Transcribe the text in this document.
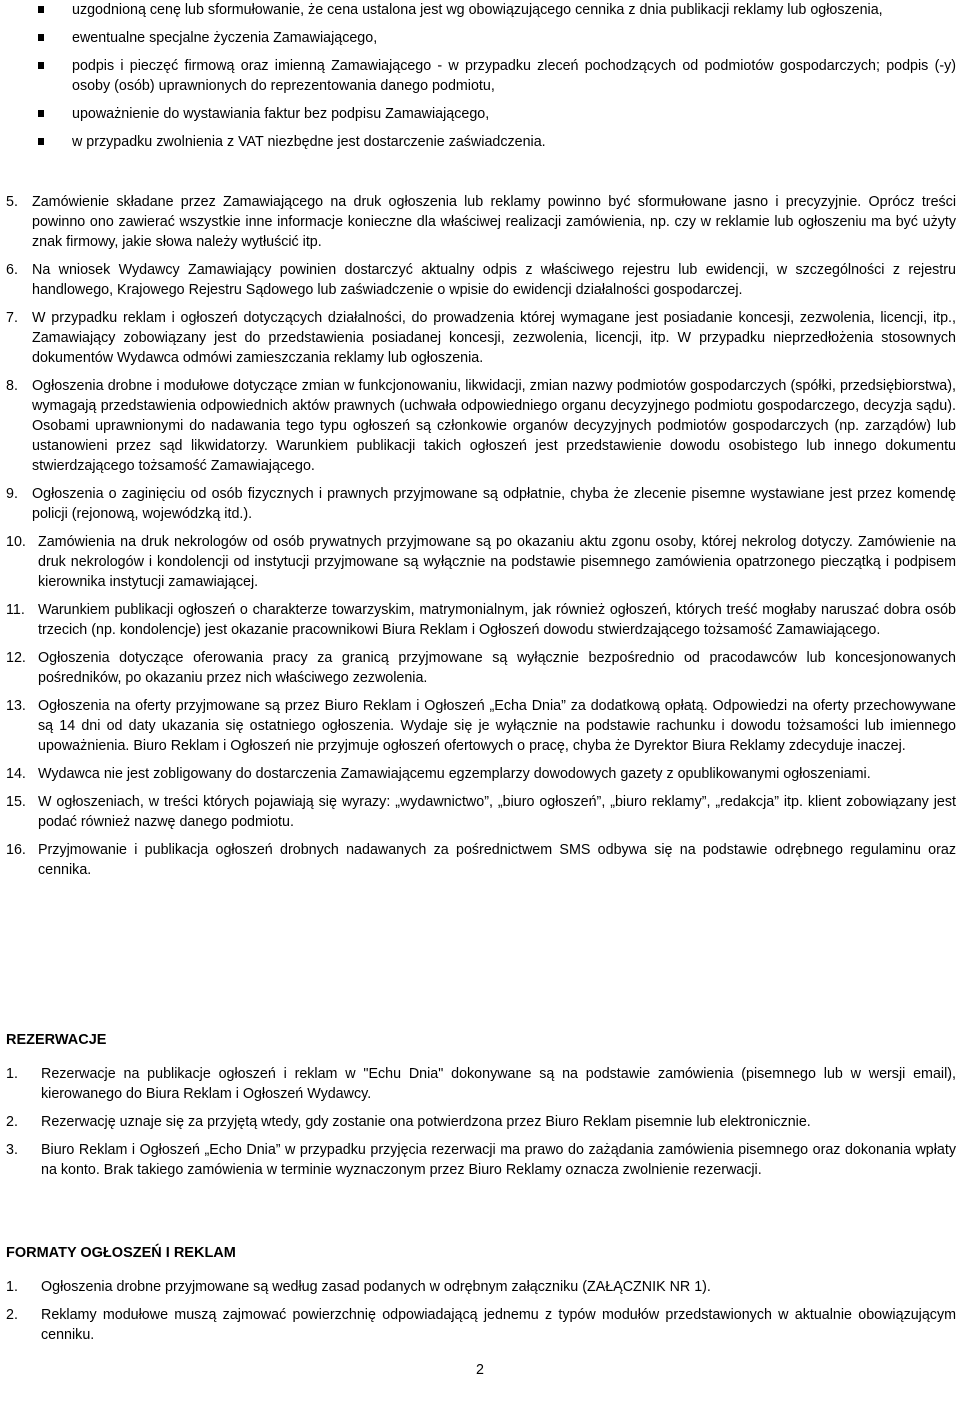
uzgodnioną cenę lub sformułowanie, że cena ustalona jest wg obowiązującego cennika z dnia publikacji reklamy lub ogłoszenia,
ewentualne specjalne życzenia Zamawiającego,
podpis i pieczęć firmową oraz imienną Zamawiającego - w przypadku zleceń pochodzących od podmiotów gospodarczych; podpis (-y) osoby (osób) uprawnionych do reprezentowania danego podmiotu,
upoważnienie do wystawiania faktur bez podpisu Zamawiającego,
w przypadku zwolnienia z VAT niezbędne jest dostarczenie zaświadczenia.
5. Zamówienie składane przez Zamawiającego na druk ogłoszenia lub reklamy powinno być sformułowane jasno i precyzyjnie. Oprócz treści powinno ono zawierać wszystkie inne informacje konieczne dla właściwej realizacji zamówienia, np. czy w reklamie lub ogłoszeniu ma być użyty znak firmowy, jakie słowa należy wytłuścić itp.
6. Na wniosek Wydawcy Zamawiający powinien dostarczyć aktualny odpis z właściwego rejestru lub ewidencji, w szczególności z rejestru handlowego, Krajowego Rejestru Sądowego lub zaświadczenie o wpisie do ewidencji działalności gospodarczej.
7. W przypadku reklam i ogłoszeń dotyczących działalności, do prowadzenia której wymagane jest posiadanie koncesji, zezwolenia, licencji, itp., Zamawiający zobowiązany jest do przedstawienia posiadanej koncesji, zezwolenia, licencji, itp. W przypadku nieprzedłożenia stosownych dokumentów Wydawca odmówi zamieszczania reklamy lub ogłoszenia.
8. Ogłoszenia drobne i modułowe dotyczące zmian w funkcjonowaniu, likwidacji, zmian nazwy podmiotów gospodarczych (spółki, przedsiębiorstwa), wymagają przedstawienia odpowiednich aktów prawnych (uchwała odpowiedniego organu decyzyjnego podmiotu gospodarczego, decyzja sądu). Osobami uprawnionymi do nadawania tego typu ogłoszeń są członkowie organów decyzyjnych podmiotów gospodarczych (np. zarządów) lub ustanowieni przez sąd likwidatorzy. Warunkiem publikacji takich ogłoszeń jest przedstawienie dowodu osobistego lub innego dokumentu stwierdzającego tożsamość Zamawiającego.
9. Ogłoszenia o zaginięciu od osób fizycznych i prawnych przyjmowane są odpłatnie, chyba że zlecenie pisemne wystawiane jest przez komendę policji (rejonową, wojewódzką itd.).
10. Zamówienia na druk nekrologów od osób prywatnych przyjmowane są po okazaniu aktu zgonu osoby, której nekrolog dotyczy. Zamówienie na druk nekrologów i kondolencji od instytucji przyjmowane są wyłącznie na podstawie pisemnego zamówienia opatrzonego pieczątką i podpisem kierownika instytucji zamawiającej.
11. Warunkiem publikacji ogłoszeń o charakterze towarzyskim, matrymonialnym, jak również ogłoszeń, których treść mogłaby naruszać dobra osób trzecich (np. kondolencje) jest okazanie pracownikowi Biura Reklam i Ogłoszeń dowodu stwierdzającego tożsamość Zamawiającego.
12. Ogłoszenia dotyczące oferowania pracy za granicą przyjmowane są wyłącznie bezpośrednio od pracodawców lub koncesjonowanych pośredników, po okazaniu przez nich właściwego zezwolenia.
13. Ogłoszenia na oferty przyjmowane są przez Biuro Reklam i Ogłoszeń „Echa Dnia” za dodatkową opłatą. Odpowiedzi na oferty przechowywane są 14 dni od daty ukazania się ostatniego ogłoszenia. Wydaje się je wyłącznie na podstawie rachunku i dowodu tożsamości lub imiennego upoważnienia. Biuro Reklam i Ogłoszeń nie przyjmuje ogłoszeń ofertowych o pracę, chyba że Dyrektor Biura Reklamy zdecyduje inaczej.
14. Wydawca nie jest zobligowany do dostarczenia Zamawiającemu egzemplarzy dowodowych gazety z opublikowanymi ogłoszeniami.
15. W ogłoszeniach, w treści których pojawiają się wyrazy: „wydawnictwo”, „biuro ogłoszeń”, „biuro reklamy”, „redakcja” itp. klient zobowiązany jest podać również nazwę danego podmiotu.
16. Przyjmowanie i publikacja ogłoszeń drobnych nadawanych za pośrednictwem SMS odbywa się na podstawie odrębnego regulaminu oraz cennika.
REZERWACJE
1.	Rezerwacje na publikacje ogłoszeń i reklam w "Echu Dnia" dokonywane są na podstawie zamówienia (pisemnego lub w wersji email), kierowanego do Biura Reklam i Ogłoszeń Wydawcy.
2.	Rezerwację uznaje się za przyjętą wtedy, gdy zostanie ona potwierdzona przez Biuro Reklam pisemnie lub elektronicznie.
3.	Biuro Reklam i Ogłoszeń „Echo Dnia” w przypadku przyjęcia rezerwacji ma prawo do zażądania zamówienia pisemnego oraz dokonania wpłaty na konto. Brak takiego zamówienia w terminie wyznaczonym przez Biuro Reklamy oznacza zwolnienie rezerwacji.
FORMATY OGŁOSZEŃ I REKLAM
1.	Ogłoszenia drobne przyjmowane są według zasad podanych w odrębnym załączniku (ZAŁĄCZNIK NR 1).
2.	Reklamy modułowe muszą zajmować powierzchnię odpowiadającą jednemu z typów modułów przedstawionych w aktualnie obowiązującym cenniku.
2
